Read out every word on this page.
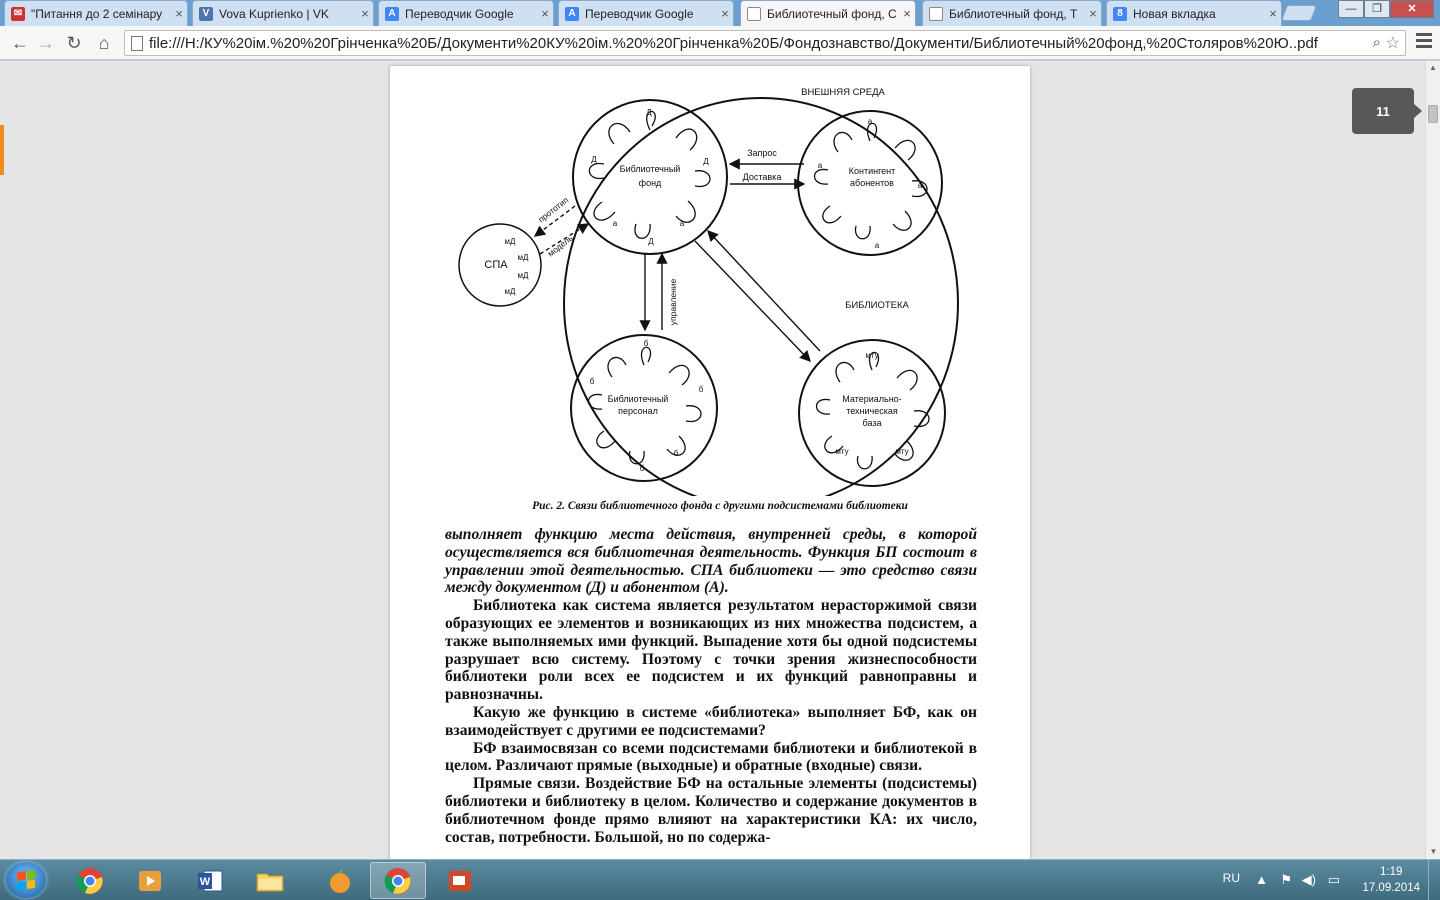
✉ "Питання до 2 семінару	×	V Vova Kuprienko | VK	×	A Переводчик Google	×	A Переводчик Google	×	Библиотечный фонд, С ×	Библиотечный фонд, Т ×	8 Новая вкладка	×	—	❐	✕
← → ↻ ⌂	file:///H:/КУ%20ім.%20%20Грінченка%20Б/Документи%20КУ%20ім.%20%20Грінченка%20Б/Фондознавство/Документи/Библиотечный%20фонд,%20Столяров%20Ю..pdf	⌕ ☆
ВНЕШНЯЯ СРЕДА
БИБЛИОТЕКА
Библиотечный
фонд
Контингент
абонентов
Библиотечный
персонал
Материально-
техническая
база
СПА
Запрос
Доставка
прототип
модель
управление
Д
Д
Д
Д
а	а
а
а
а
а
б
б
б
б
б
мД
мД
мД
мД
мту
мту	мту
Рис. 2. Связи библиотечного фонда с другими подсистемами библиотеки

выполняет функцию места действия, внутренней среды, в которой осуществляется вся библиотечная деятельность. Функция БП состоит в управлении этой деятельностью. СПА библиотеки — это средство связи между документом (Д) и абонентом (А).

Библиотека как система является результатом нерасторжимой связи образующих ее элементов и возникающих из них множества подсистем, а также выполняемых ими функций. Выпадение хотя бы одной подсистемы разрушает всю систему. Поэтому с точки зрения жизнеспособности библиотеки роли всех ее подсистем и их функций равноправны и равнозначны.

Какую же функцию в системе «библиотека» выполняет БФ, как он взаимодействует с другими ее подсистемами?

БФ взаимосвязан со всеми подсистемами библиотеки и библиотекой в целом. Различают прямые (выходные) и обратные (входные) связи.

Прямые связи. Воздействие БФ на остальные элементы (подсистемы) библиотеки и библиотеку в целом. Количество и содержание документов в библиотечном фонде прямо влияют на характеристики КА: их число, состав, потребности. Большой, но по содержа-

11
▲
▼
W	RU ▲ ⚑ ◀) ▭	1:19
17.09.2014
